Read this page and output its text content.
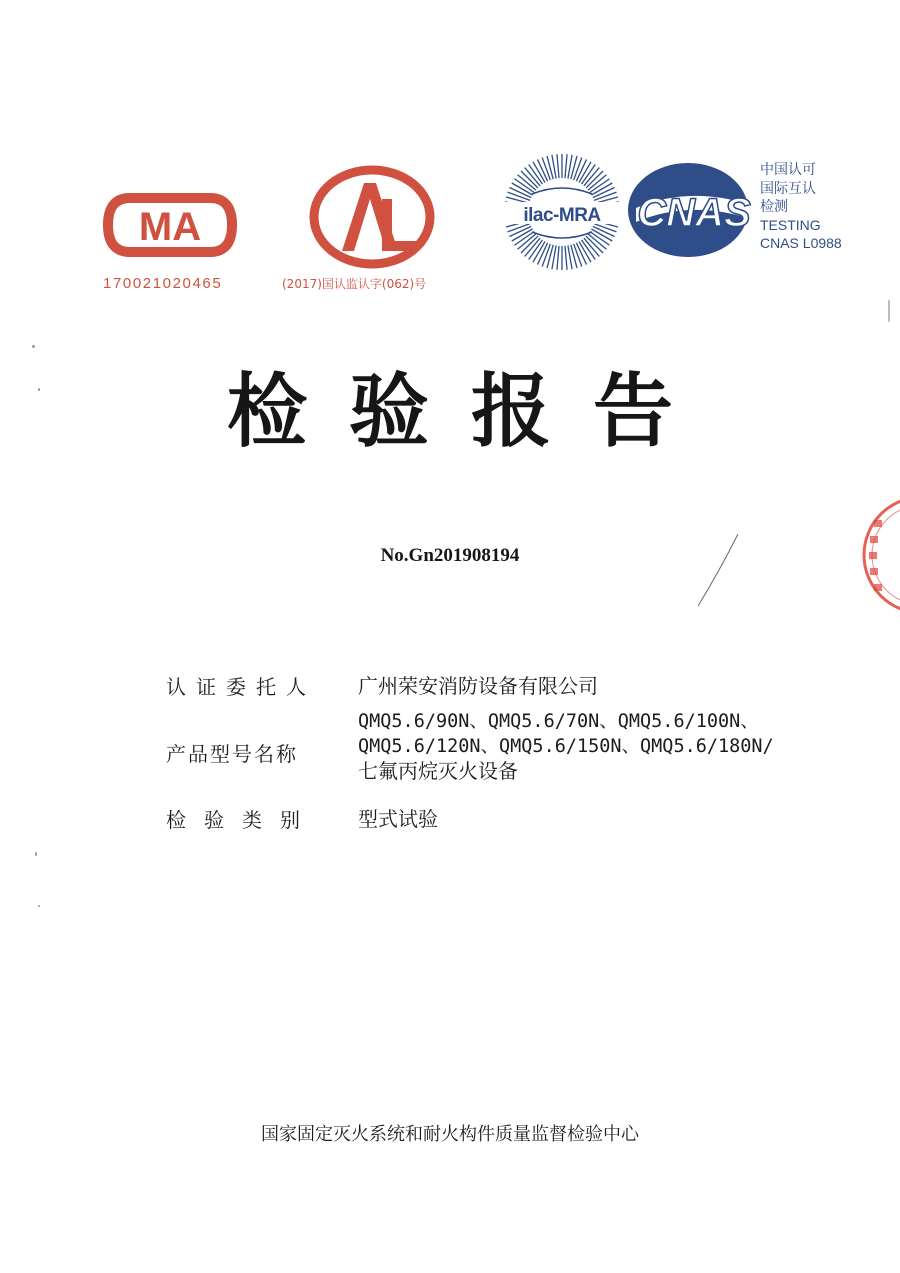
MA
170021020465	(2017)国认监认字(062)号
ilac-MRA CNAS
中国认可
国际互认
检测
TESTING
CNAS L0988
检验报告
No.Gn201908194
认证委托人 广州荣安消防设备有限公司
产品型号名称
QMQ5.6/90N、QMQ5.6/70N、QMQ5.6/100N、
QMQ5.6/120N、QMQ5.6/150N、QMQ5.6/180N/
七氟丙烷灭火设备
检验类别 型式试验
国家固定灭火系统和耐火构件质量监督检验中心
